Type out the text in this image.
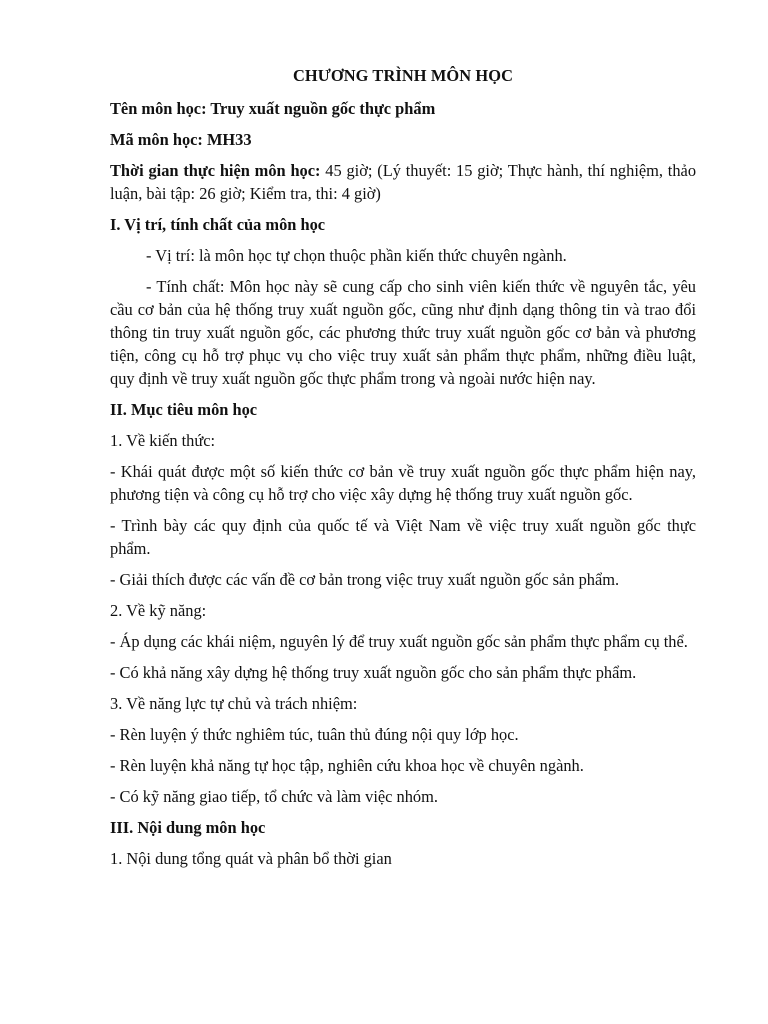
CHƯƠNG TRÌNH MÔN HỌC
Tên môn học: Truy xuất nguồn gốc thực phẩm
Mã môn học: MH33
Thời gian thực hiện môn học: 45 giờ; (Lý thuyết: 15 giờ; Thực hành, thí nghiệm, thảo luận, bài tập: 26 giờ; Kiểm tra, thi: 4 giờ)
I. Vị trí, tính chất của môn học
- Vị trí: là môn học tự chọn thuộc phần kiến thức chuyên ngành.
- Tính chất: Môn học này sẽ cung cấp cho sinh viên kiến thức về nguyên tắc, yêu cầu cơ bản của hệ thống truy xuất nguồn gốc, cũng như định dạng thông tin và trao đổi thông tin truy xuất nguồn gốc, các phương thức truy xuất nguồn gốc cơ bản và phương tiện, công cụ hỗ trợ phục vụ cho việc truy xuất sản phẩm thực phẩm, những điều luật, quy định về truy xuất nguồn gốc thực phẩm trong và ngoài nước hiện nay.
II. Mục tiêu môn học
1. Về kiến thức:
- Khái quát được một số kiến thức cơ bản về truy xuất nguồn gốc thực phẩm hiện nay, phương tiện và công cụ hỗ trợ cho việc xây dựng hệ thống truy xuất nguồn gốc.
- Trình bày các quy định của quốc tế và Việt Nam về việc truy xuất nguồn gốc thực phẩm.
- Giải thích được các vấn đề cơ bản trong việc truy xuất nguồn gốc sản phẩm.
2. Về kỹ năng:
- Áp dụng các khái niệm, nguyên lý để truy xuất nguồn gốc sản phẩm thực phẩm cụ thể.
- Có khả năng xây dựng hệ thống truy xuất nguồn gốc cho sản phẩm thực phẩm.
3. Về năng lực tự chủ và trách nhiệm:
- Rèn luyện ý thức nghiêm túc, tuân thủ đúng nội quy lớp học.
- Rèn luyện khả năng tự học tập, nghiên cứu khoa học về chuyên ngành.
- Có kỹ năng giao tiếp, tổ chức và làm việc nhóm.
III. Nội dung môn học
1. Nội dung tổng quát và phân bổ thời gian
